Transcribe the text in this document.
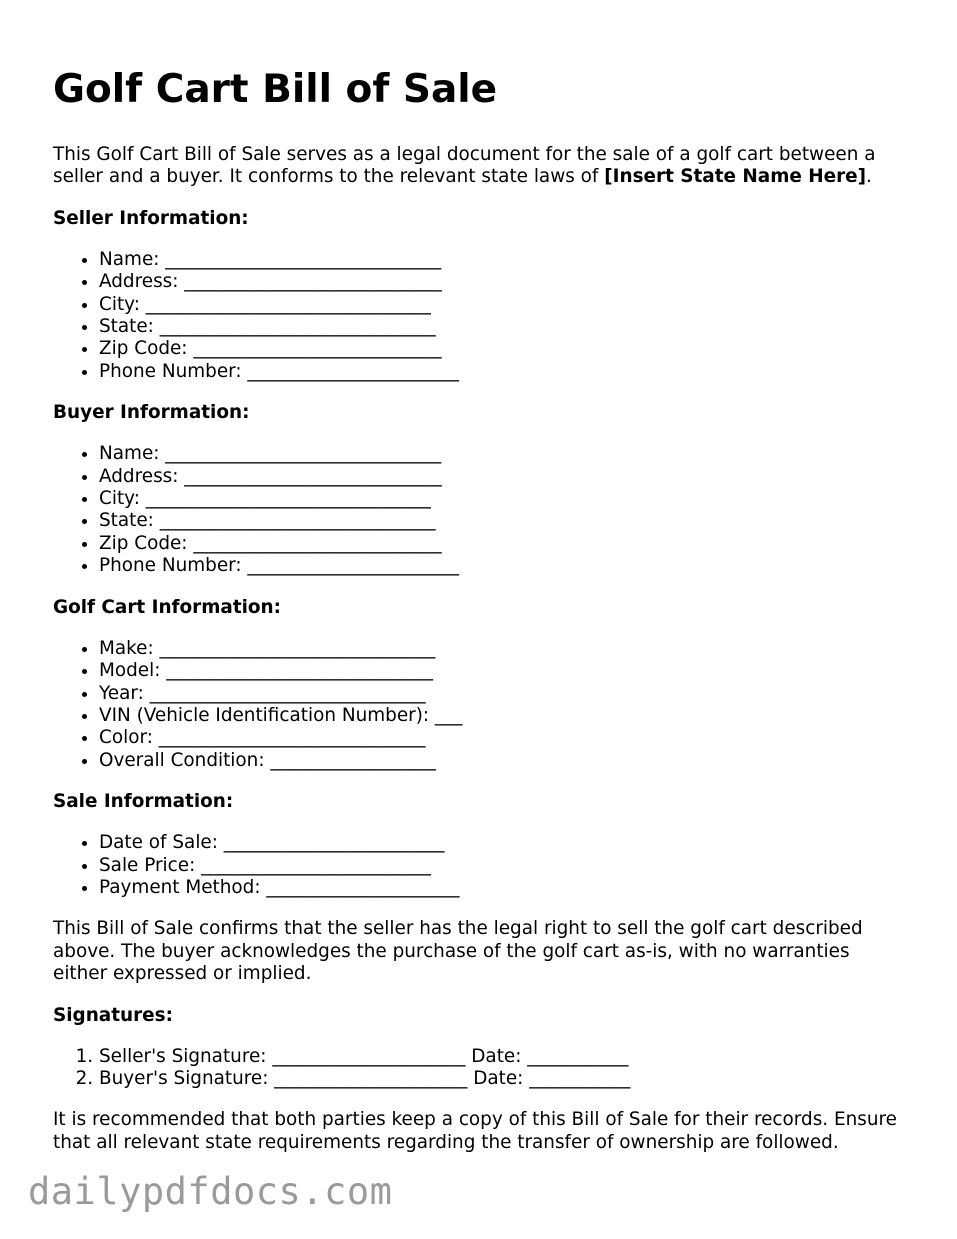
Golf Cart Bill of Sale

This Golf Cart Bill of Sale serves as a legal document for the sale of a golf cart between a seller and a buyer. It conforms to the relevant state laws of [Insert State Name Here].

Seller Information:
• Name: ______________________________
• Address: ____________________________
• City: _______________________________
• State: ______________________________
• Zip Code: ___________________________
• Phone Number: _______________________
Buyer Information:
• Name: ______________________________
• Address: ____________________________
• City: _______________________________
• State: ______________________________
• Zip Code: ___________________________
• Phone Number: _______________________
Golf Cart Information:
• Make: ______________________________
• Model: _____________________________
• Year: ______________________________
• VIN (Vehicle Identification Number): ___
• Color: _____________________________
• Overall Condition: __________________
Sale Information:
• Date of Sale: ________________________
• Sale Price: _________________________
• Payment Method: _____________________

This Bill of Sale confirms that the seller has the legal right to sell the golf cart described above. The buyer acknowledges the purchase of the golf cart as-is, with no warranties either expressed or implied.

Signatures:
1. Seller's Signature: _____________________ Date: ___________
2. Buyer's Signature: _____________________ Date: ___________

It is recommended that both parties keep a copy of this Bill of Sale for their records. Ensure that all relevant state requirements regarding the transfer of ownership are followed.

dailypdfdocs.com
